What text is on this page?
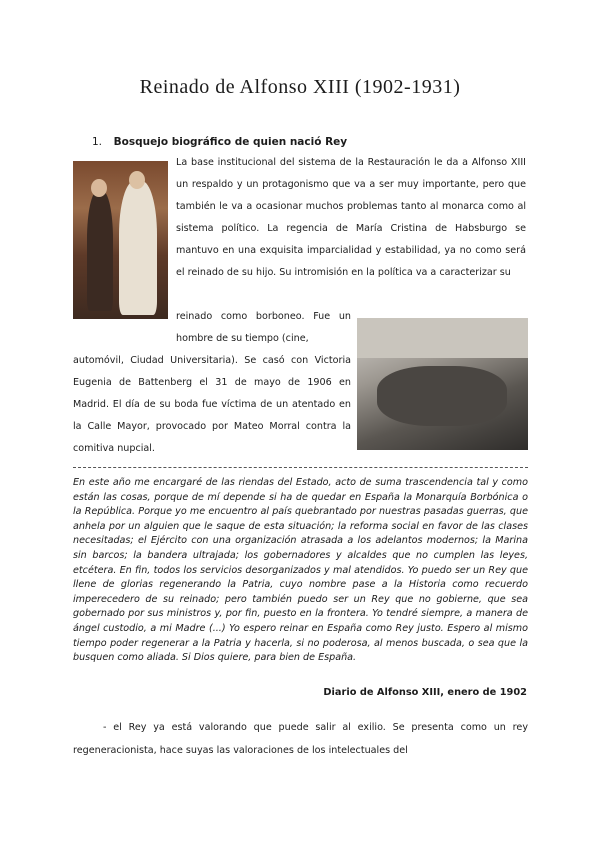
Reinado de Alfonso XIII (1902-1931)
1. Bosquejo biográfico de quien nació Rey
La base institucional del sistema de la Restauración le da a Alfonso XIII un respaldo y un protagonismo que va a ser muy importante, pero que también le va a ocasionar muchos problemas tanto al monarca como al sistema político. La regencia de María Cristina de Habsburgo se mantuvo en una exquisita imparcialidad y estabilidad, ya no como será el reinado de su hijo. Su intromisión en la política va a caracterizar su
reinado como borboneo. Fue un hombre de su tiempo (cine,
automóvil, Ciudad Universitaria). Se casó con Victoria Eugenia de Battenberg el 31 de mayo de 1906 en Madrid. El día de su boda fue víctima de un atentado en la Calle Mayor, provocado por Mateo Morral contra la comitiva nupcial.
En este año me encargaré de las riendas del Estado, acto de suma trascendencia tal y como están las cosas, porque de mí depende si ha de quedar en España la Monarquía Borbónica o la República. Porque yo me encuentro al país quebrantado por nuestras pasadas guerras, que anhela por un alguien que le saque de esta situación; la reforma social en favor de las clases necesitadas; el Ejército con una organización atrasada a los adelantos modernos; la Marina sin barcos; la bandera ultrajada; los gobernadores y alcaldes que no cumplen las leyes, etcétera. En fin, todos los servicios desorganizados y mal atendidos. Yo puedo ser un Rey que llene de glorias regenerando la Patria, cuyo nombre pase a la Historia como recuerdo imperecedero de su reinado; pero también puedo ser un Rey que no gobierne, que sea gobernado por sus ministros y, por fin, puesto en la frontera. Yo tendré siempre, a manera de ángel custodio, a mi Madre (...) Yo espero reinar en España como Rey justo. Espero al mismo tiempo poder regenerar a la Patria y hacerla, si no poderosa, al menos buscada, o sea que la busquen como aliada. Si Dios quiere, para bien de España.
Diario de Alfonso XIII, enero de 1902
- el Rey ya está valorando que puede salir al exilio. Se presenta como un rey regeneracionista, hace suyas las valoraciones de los intelectuales del
